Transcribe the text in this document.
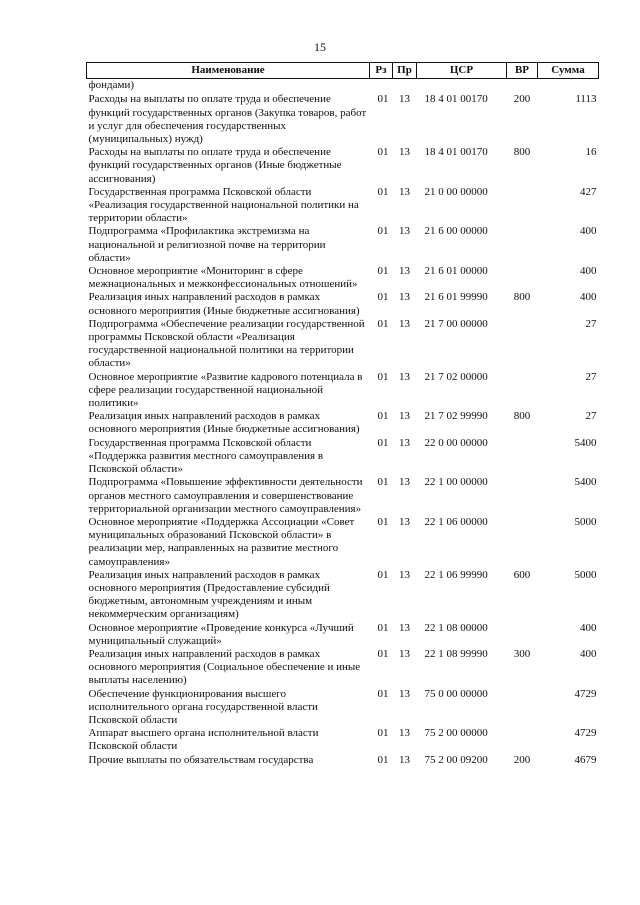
15
Наименование	Рз	Пр	ЦСР	ВР	Сумма
фондами)					
Расходы на выплаты по оплате труда и обеспечение функций государственных органов (Закупка товаров, работ и услуг для обеспечения государственных (муниципальных) нужд)	01	13	18 4 01 00170	200	1113
Расходы на выплаты по оплате труда и обеспечение функций государственных органов (Иные бюджетные ассигнования)	01	13	18 4 01 00170	800	16
Государственная программа Псковской области «Реализация государственной национальной политики на территории области»	01	13	21 0 00 00000		427
Подпрограмма «Профилактика экстремизма на национальной и религиозной почве на территории области»	01	13	21 6 00 00000		400
Основное мероприятие «Мониторинг в сфере межнациональных и межконфессиональных отношений»	01	13	21 6 01 00000		400
Реализация иных направлений расходов в рамках основного мероприятия (Иные бюджетные ассигнования)	01	13	21 6 01 99990	800	400
Подпрограмма «Обеспечение реализации государственной программы Псковской области «Реализация государственной национальной политики на территории области»	01	13	21 7 00 00000		27
Основное мероприятие «Развитие кадрового потенциала в сфере реализации государственной национальной политики»	01	13	21 7 02 00000		27
Реализация иных направлений расходов в рамках основного мероприятия (Иные бюджетные ассигнования)	01	13	21 7 02 99990	800	27
Государственная программа Псковской области «Поддержка развития местного самоуправления в Псковской области»	01	13	22 0 00 00000		5400
Подпрограмма «Повышение эффективности деятельности органов местного самоуправления и совершенствование территориальной организации местного самоуправления»	01	13	22 1 00 00000		5400
Основное мероприятие «Поддержка Ассоциации «Совет муниципальных образований Псковской области» в реализации мер, направленных на развитие местного самоуправления»	01	13	22 1 06 00000		5000
Реализация иных направлений расходов в рамках основного мероприятия (Предоставление субсидий бюджетным, автономным учреждениям и иным некоммерческим организациям)	01	13	22 1 06 99990	600	5000
Основное мероприятие «Проведение конкурса «Лучший муниципальный служащий»	01	13	22 1 08 00000		400
Реализация иных направлений расходов в рамках основного мероприятия (Социальное обеспечение и иные выплаты населению)	01	13	22 1 08 99990	300	400
Обеспечение функционирования высшего исполнительного органа государственной власти Псковской области	01	13	75 0 00 00000		4729
Аппарат высшего органа исполнительной власти Псковской области	01	13	75 2 00 00000		4729
Прочие выплаты по обязательствам государства	01	13	75 2 00 09200	200	4679
